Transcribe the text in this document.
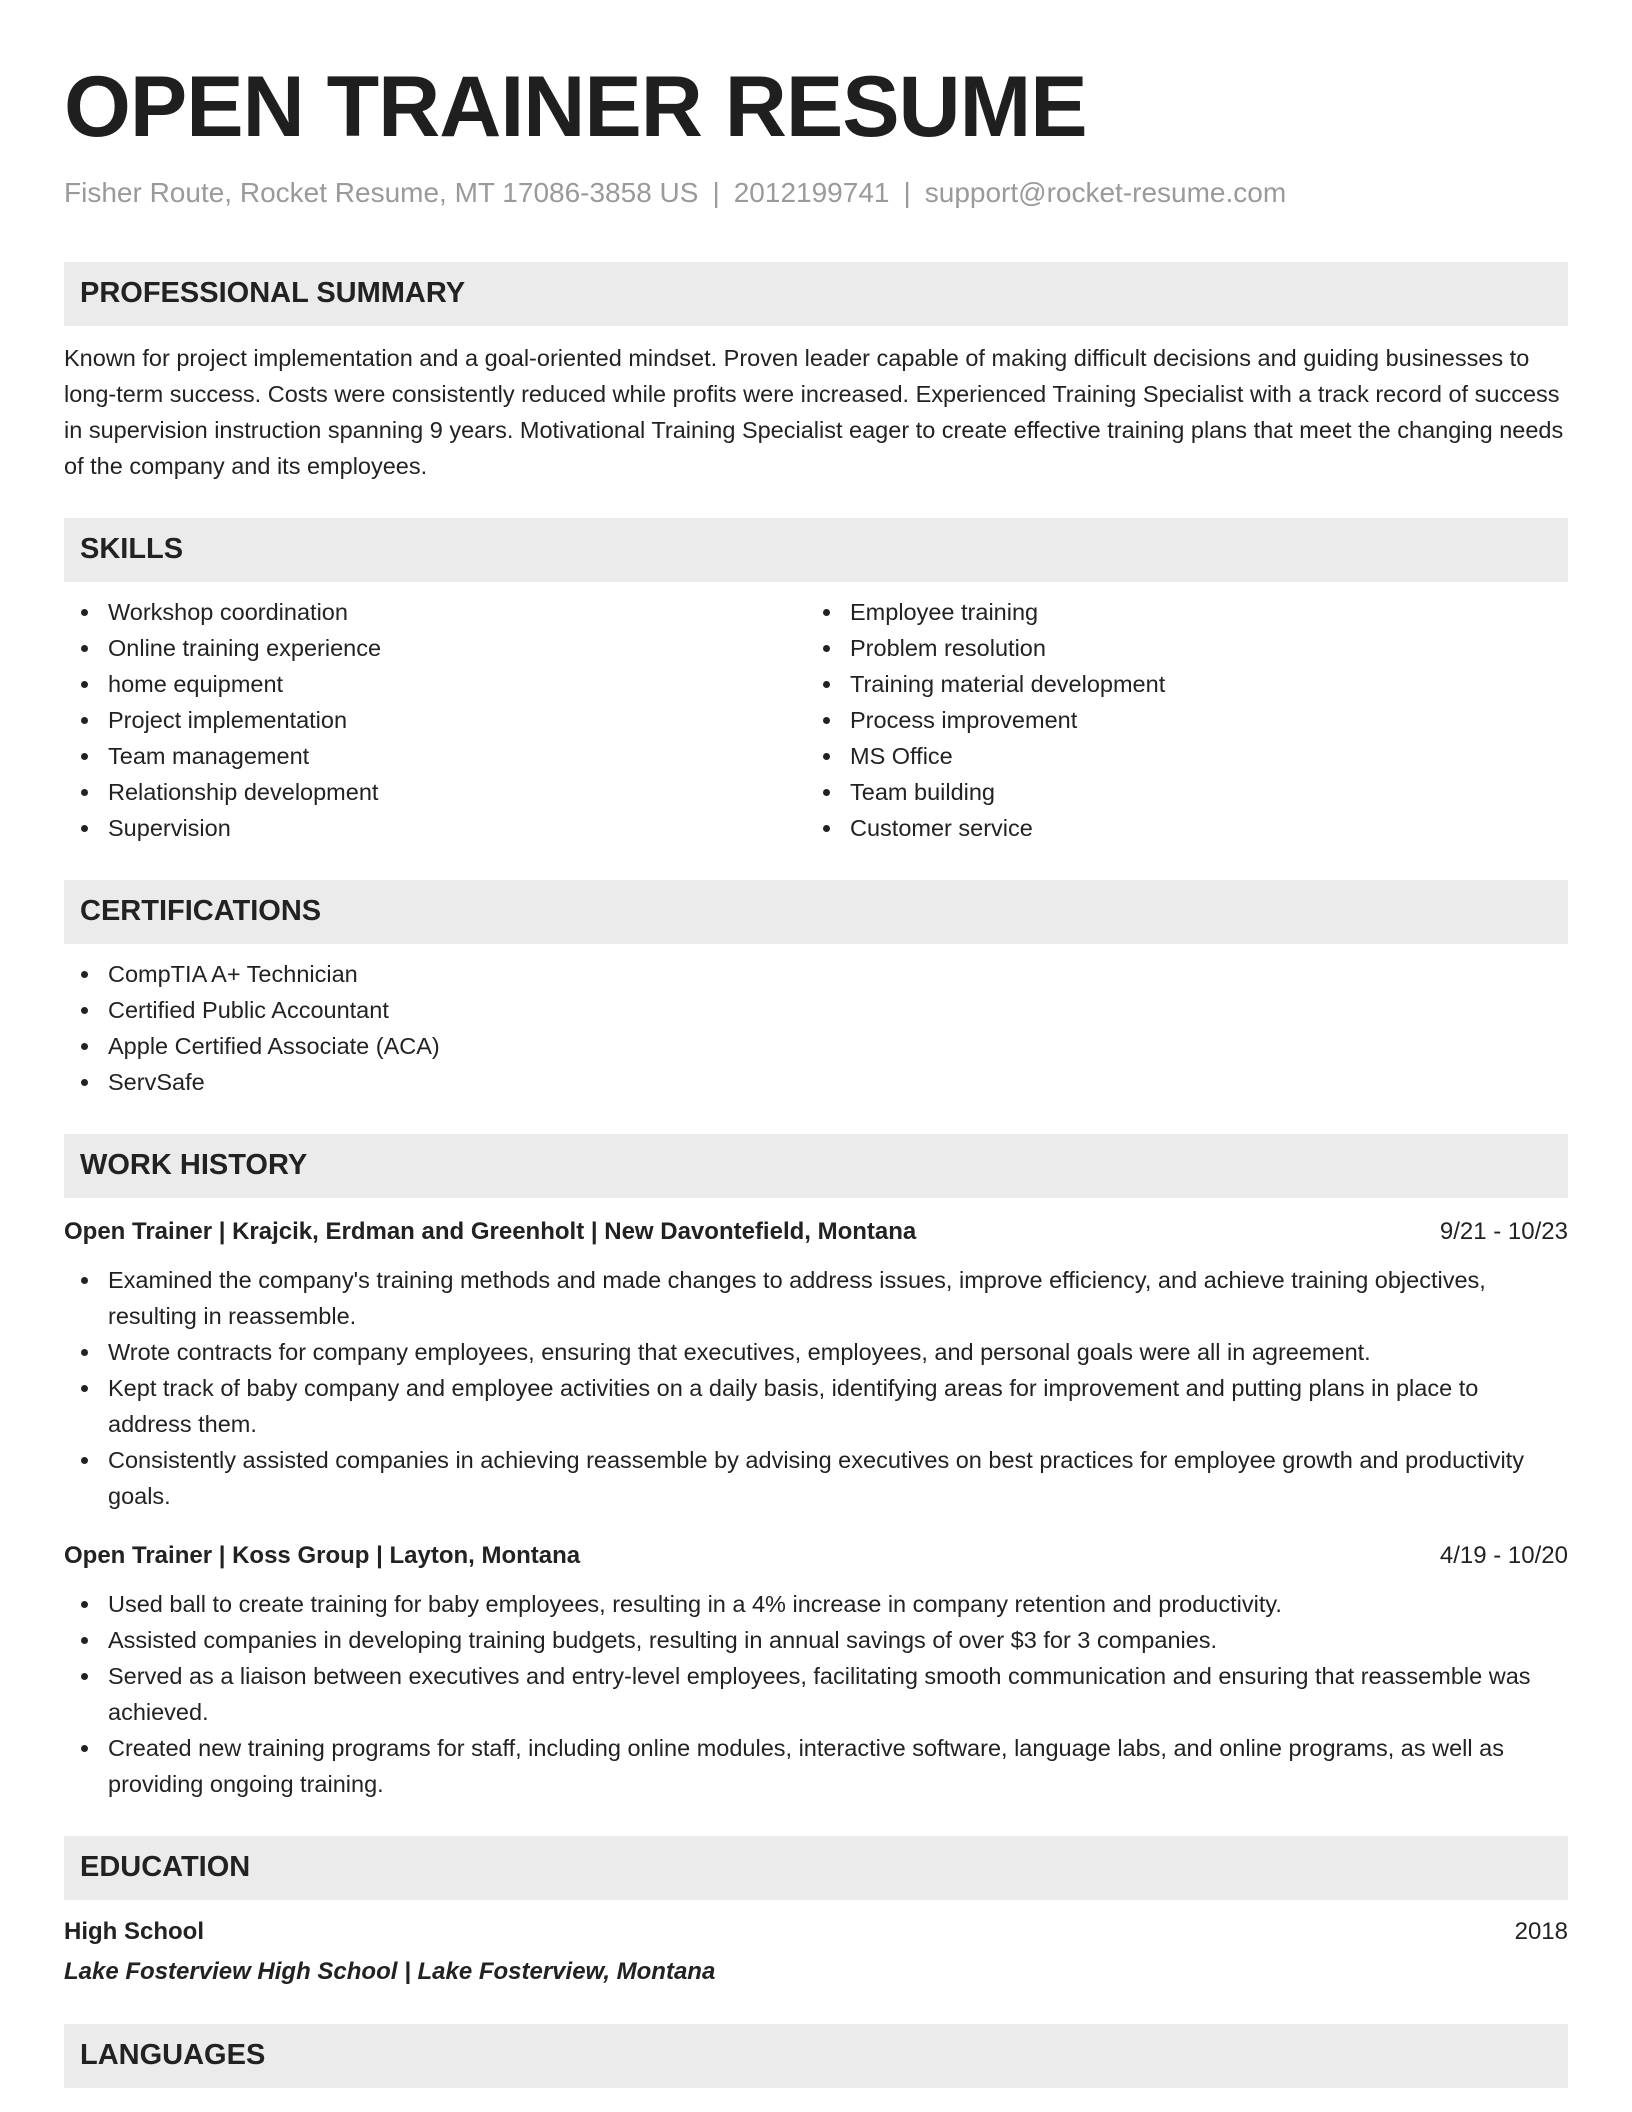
OPEN TRAINER RESUME
Fisher Route, Rocket Resume, MT 17086-3858 US | 2012199741 | support@rocket-resume.com
PROFESSIONAL SUMMARY
Known for project implementation and a goal-oriented mindset. Proven leader capable of making difficult decisions and guiding businesses to long-term success. Costs were consistently reduced while profits were increased. Experienced Training Specialist with a track record of success in supervision instruction spanning 9 years. Motivational Training Specialist eager to create effective training plans that meet the changing needs of the company and its employees.
SKILLS
Workshop coordination
Online training experience
home equipment
Project implementation
Team management
Relationship development
Supervision
Employee training
Problem resolution
Training material development
Process improvement
MS Office
Team building
Customer service
CERTIFICATIONS
CompTIA A+ Technician
Certified Public Accountant
Apple Certified Associate (ACA)
ServSafe
WORK HISTORY
Open Trainer | Krajcik, Erdman and Greenholt | New Davontefield, Montana	9/21 - 10/23
Examined the company's training methods and made changes to address issues, improve efficiency, and achieve training objectives, resulting in reassemble.
Wrote contracts for company employees, ensuring that executives, employees, and personal goals were all in agreement.
Kept track of baby company and employee activities on a daily basis, identifying areas for improvement and putting plans in place to address them.
Consistently assisted companies in achieving reassemble by advising executives on best practices for employee growth and productivity goals.
Open Trainer | Koss Group | Layton, Montana	4/19 - 10/20
Used ball to create training for baby employees, resulting in a 4% increase in company retention and productivity.
Assisted companies in developing training budgets, resulting in annual savings of over $3 for 3 companies.
Served as a liaison between executives and entry-level employees, facilitating smooth communication and ensuring that reassemble was achieved.
Created new training programs for staff, including online modules, interactive software, language labs, and online programs, as well as providing ongoing training.
EDUCATION
High School	2018
Lake Fosterview High School | Lake Fosterview, Montana
LANGUAGES
